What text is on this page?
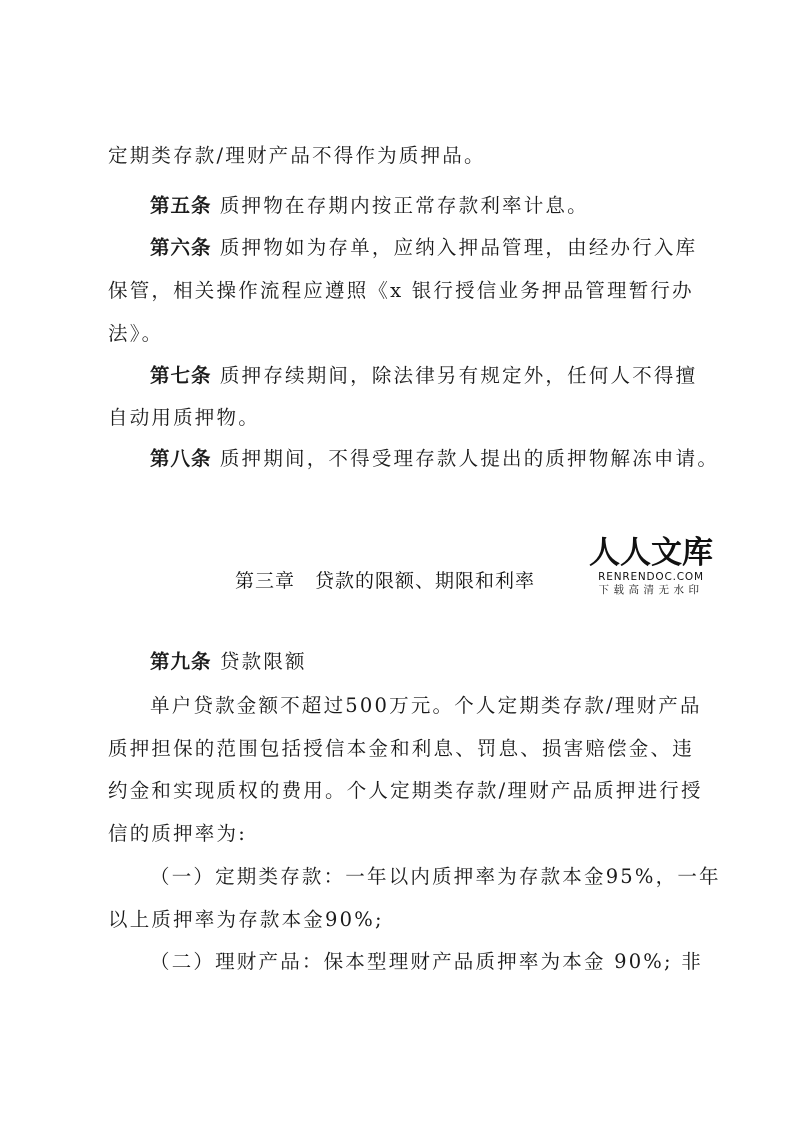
定期类存款/理财产品不得作为质押品。
第五条 质押物在存期内按正常存款利率计息。
第六条 质押物如为存单，应纳入押品管理，由经办行入库
保管，相关操作流程应遵照《x 银行授信业务押品管理暂行办
法》。
第七条 质押存续期间，除法律另有规定外，任何人不得擅
自动用质押物。
第八条 质押期间，不得受理存款人提出的质押物解冻申请。
第三章　贷款的限额、期限和利率
人人文库
RENRENDOC.COM
下载高清无水印
第九条 贷款限额
单户贷款金额不超过500万元。个人定期类存款/理财产品
质押担保的范围包括授信本金和利息、罚息、损害赔偿金、违
约金和实现质权的费用。个人定期类存款/理财产品质押进行授
信的质押率为:
（一）定期类存款：一年以内质押率为存款本金95%，一年
以上质押率为存款本金90%;
（二）理财产品：保本型理财产品质押率为本金 90%; 非
